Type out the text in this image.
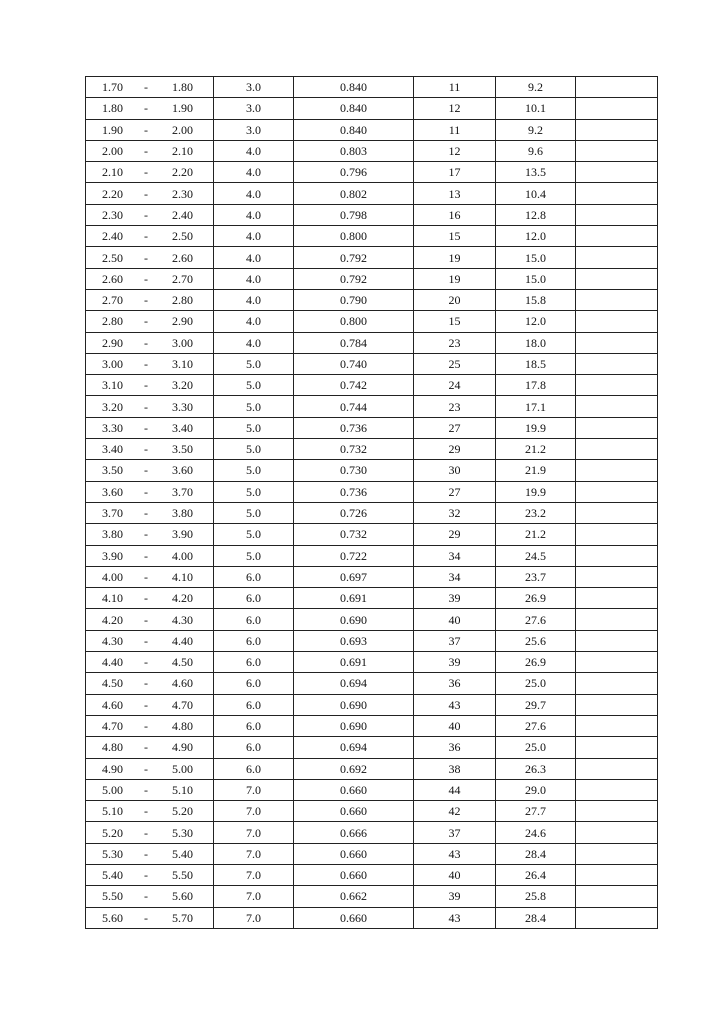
1.70 - 1.80	3.0	0.840	11	9.2	

1.80 - 1.90	3.0	0.840	12	10.1	

1.90 - 2.00	3.0	0.840	11	9.2	

2.00 - 2.10	4.0	0.803	12	9.6	

2.10 - 2.20	4.0	0.796	17	13.5	

2.20 - 2.30	4.0	0.802	13	10.4	

2.30 - 2.40	4.0	0.798	16	12.8	

2.40 - 2.50	4.0	0.800	15	12.0	

2.50 - 2.60	4.0	0.792	19	15.0	

2.60 - 2.70	4.0	0.792	19	15.0	

2.70 - 2.80	4.0	0.790	20	15.8	

2.80 - 2.90	4.0	0.800	15	12.0	

2.90 - 3.00	4.0	0.784	23	18.0	

3.00 - 3.10	5.0	0.740	25	18.5	

3.10 - 3.20	5.0	0.742	24	17.8	

3.20 - 3.30	5.0	0.744	23	17.1	

3.30 - 3.40	5.0	0.736	27	19.9	

3.40 - 3.50	5.0	0.732	29	21.2	

3.50 - 3.60	5.0	0.730	30	21.9	

3.60 - 3.70	5.0	0.736	27	19.9	

3.70 - 3.80	5.0	0.726	32	23.2	

3.80 - 3.90	5.0	0.732	29	21.2	

3.90 - 4.00	5.0	0.722	34	24.5	

4.00 - 4.10	6.0	0.697	34	23.7	

4.10 - 4.20	6.0	0.691	39	26.9	

4.20 - 4.30	6.0	0.690	40	27.6	

4.30 - 4.40	6.0	0.693	37	25.6	

4.40 - 4.50	6.0	0.691	39	26.9	

4.50 - 4.60	6.0	0.694	36	25.0	

4.60 - 4.70	6.0	0.690	43	29.7	

4.70 - 4.80	6.0	0.690	40	27.6	

4.80 - 4.90	6.0	0.694	36	25.0	

4.90 - 5.00	6.0	0.692	38	26.3	

5.00 - 5.10	7.0	0.660	44	29.0	

5.10 - 5.20	7.0	0.660	42	27.7	

5.20 - 5.30	7.0	0.666	37	24.6	

5.30 - 5.40	7.0	0.660	43	28.4	

5.40 - 5.50	7.0	0.660	40	26.4	

5.50 - 5.60	7.0	0.662	39	25.8	

5.60 - 5.70	7.0	0.660	43	28.4	
